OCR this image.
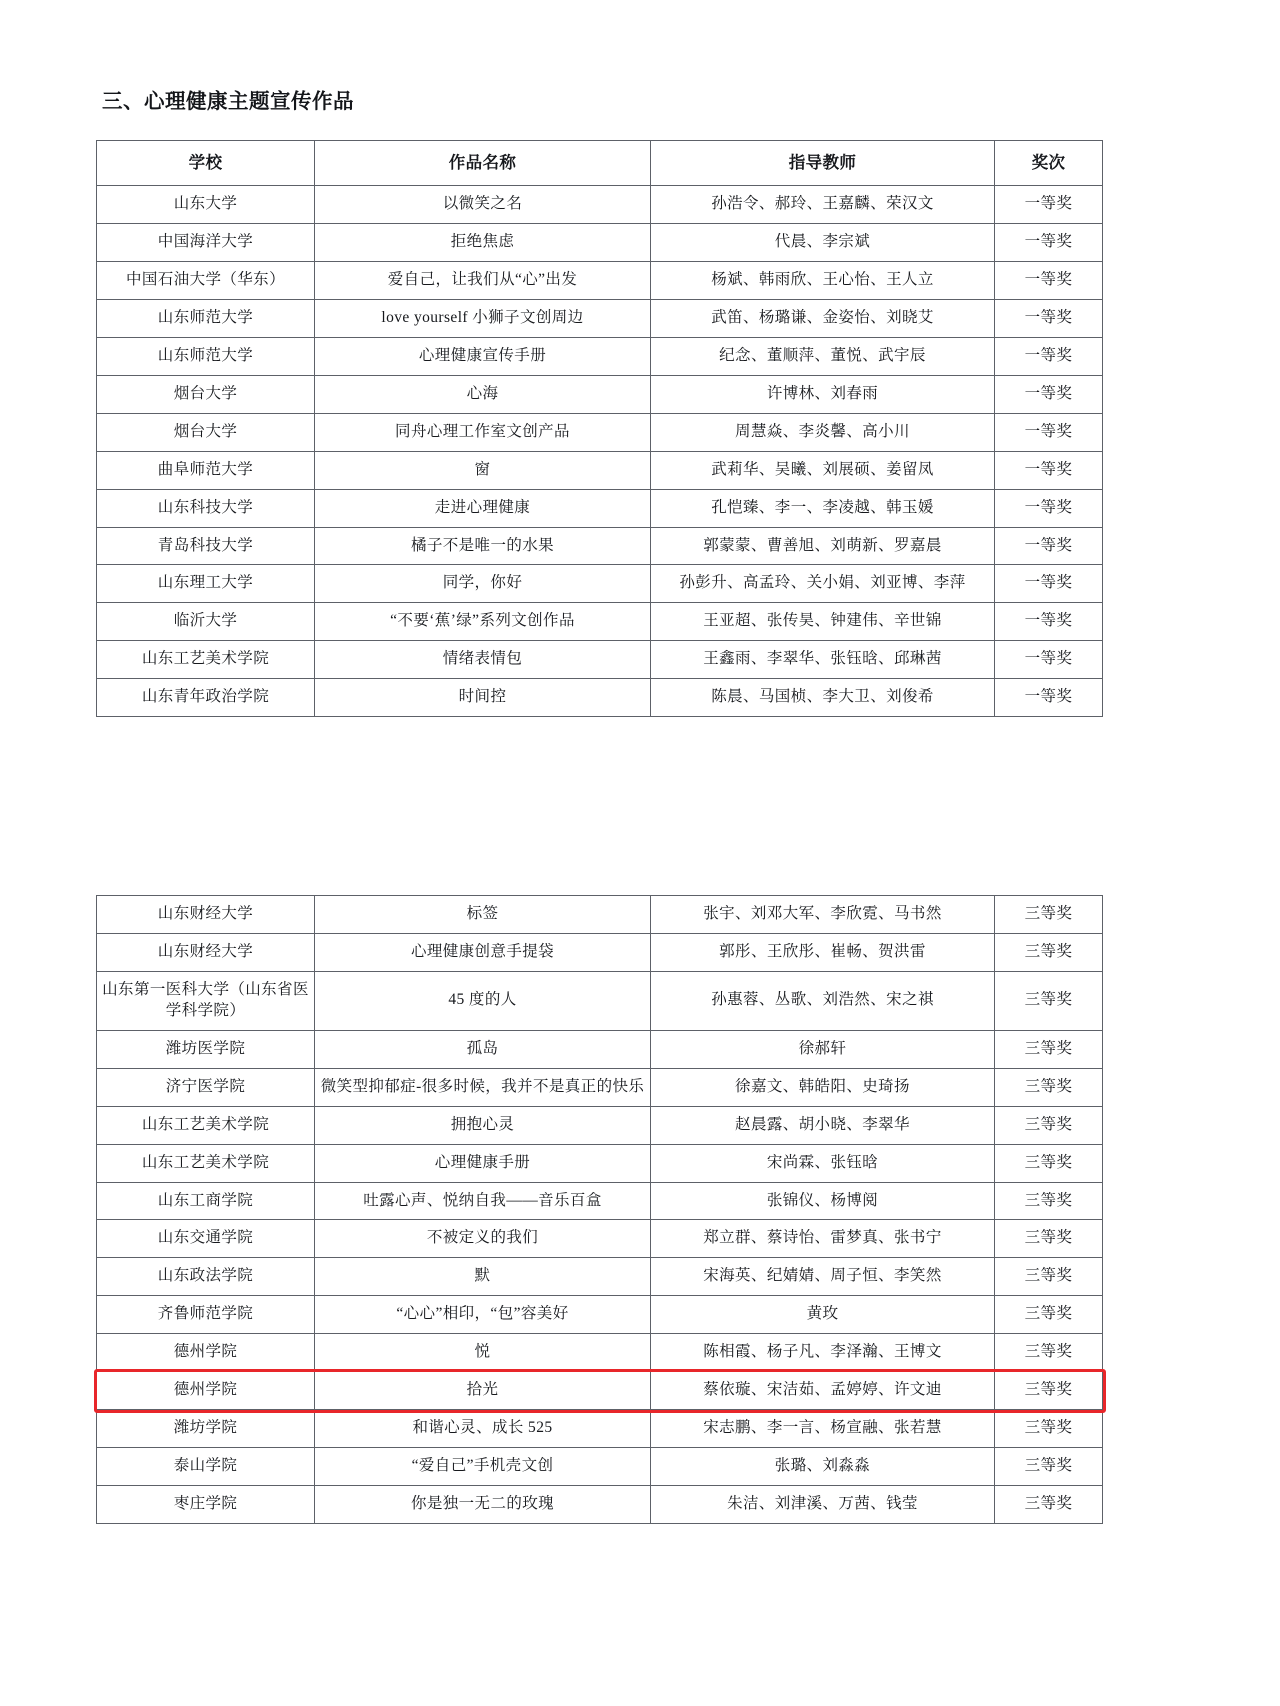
三、心理健康主题宣传作品
学校	作品名称	指导教师	奖次
山东大学	以微笑之名	孙浩令、郝玲、王嘉麟、荣汉文	一等奖
中国海洋大学	拒绝焦虑	代晨、李宗斌	一等奖
中国石油大学（华东）	爱自己，让我们从“心”出发	杨斌、韩雨欣、王心怡、王人立	一等奖
山东师范大学	love yourself 小狮子文创周边	武笛、杨璐谦、金姿怡、刘晓艾	一等奖
山东师范大学	心理健康宣传手册	纪念、董顺萍、董悦、武宇辰	一等奖
烟台大学	心海	许博林、刘春雨	一等奖
烟台大学	同舟心理工作室文创产品	周慧焱、李炎馨、高小川	一等奖
曲阜师范大学	窗	武莉华、吴曦、刘展硕、姜留凤	一等奖
山东科技大学	走进心理健康	孔恺臻、李一、李凌越、韩玉媛	一等奖
青岛科技大学	橘子不是唯一的水果	郭蒙蒙、曹善旭、刘萌新、罗嘉晨	一等奖
山东理工大学	同学，你好	孙彭升、高孟玲、关小娟、刘亚博、李萍	一等奖
临沂大学	“不要‘蕉’绿”系列文创作品	王亚超、张传昊、钟建伟、辛世锦	一等奖
山东工艺美术学院	情绪表情包	王鑫雨、李翠华、张钰晗、邱琳茜	一等奖
山东青年政治学院	时间控	陈晨、马国桢、李大卫、刘俊希	一等奖
山东财经大学	标签	张宇、刘邓大军、李欣霓、马书然	三等奖
山东财经大学	心理健康创意手提袋	郭彤、王欣彤、崔畅、贺洪雷	三等奖
山东第一医科大学（山东省医学科学院）	45 度的人	孙惠蓉、丛歌、刘浩然、宋之祺	三等奖
潍坊医学院	孤岛	徐郝轩	三等奖
济宁医学院	微笑型抑郁症-很多时候，我并不是真正的快乐	徐嘉文、韩皓阳、史琦扬	三等奖
山东工艺美术学院	拥抱心灵	赵晨露、胡小晓、李翠华	三等奖
山东工艺美术学院	心理健康手册	宋尚霖、张钰晗	三等奖
山东工商学院	吐露心声、悦纳自我——音乐百盒	张锦仪、杨博阅	三等奖
山东交通学院	不被定义的我们	郑立群、蔡诗怡、雷梦真、张书宁	三等奖
山东政法学院	默	宋海英、纪婧婧、周子恒、李笑然	三等奖
齐鲁师范学院	“心心”相印，“包”容美好	黄玫	三等奖
德州学院	悦	陈相霞、杨子凡、李泽瀚、王博文	三等奖
德州学院	拾光	蔡依璇、宋洁茹、孟婷婷、许文迪	三等奖
潍坊学院	和谐心灵、成长 525	宋志鹏、李一言、杨宣融、张若慧	三等奖
泰山学院	“爱自己”手机壳文创	张璐、刘淼淼	三等奖
枣庄学院	你是独一无二的玫瑰	朱洁、刘津溪、万茜、钱莹	三等奖
